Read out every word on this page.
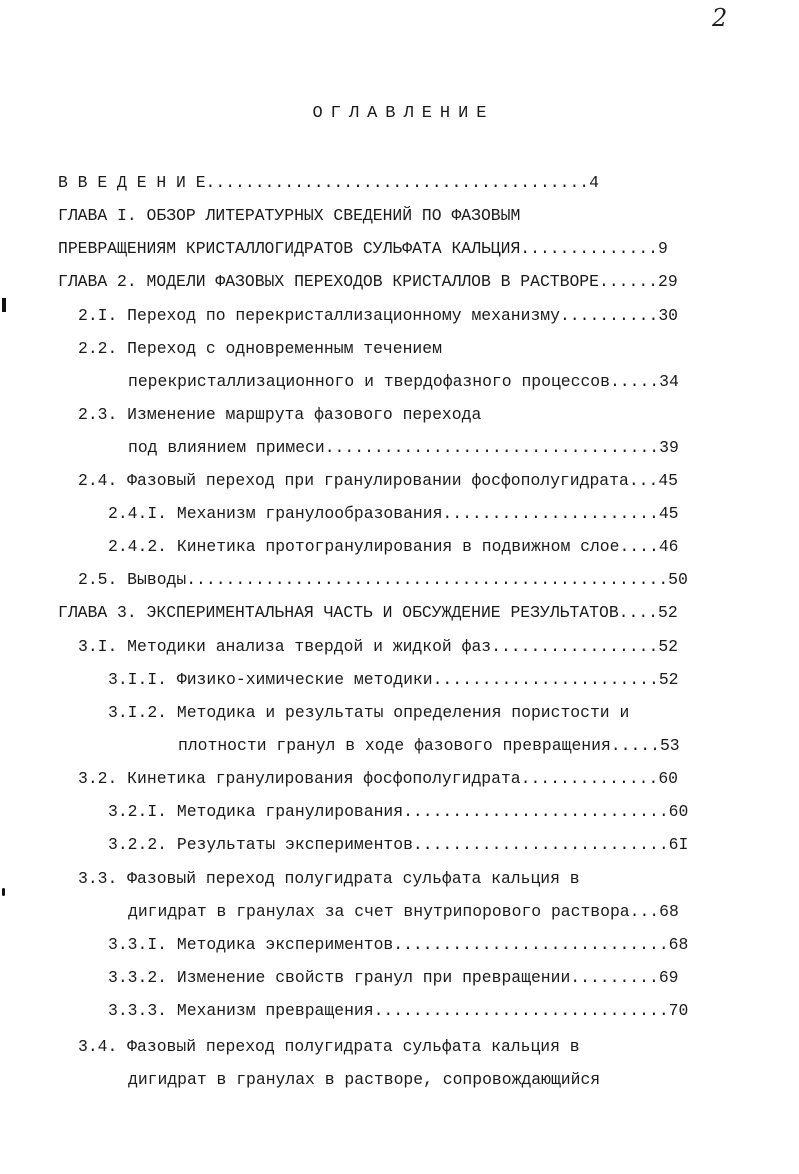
2
ОГЛАВЛЕНИЕ
В В Е Д Е Н И Е.......................................4
ГЛАВА I. ОБЗОР ЛИТЕРАТУРНЫХ СВЕДЕНИЙ ПО ФАЗОВЫМ
ПРЕВРАЩЕНИЯМ КРИСТАЛЛОГИДРАТОВ СУЛЬФАТА КАЛЬЦИЯ..............9
ГЛАВА 2. МОДЕЛИ ФАЗОВЫХ ПЕРЕХОДОВ КРИСТАЛЛОВ В РАСТВОРЕ......29
2.I. Переход по перекристаллизационному механизму..........30
2.2. Переход с одновременным течением
перекристаллизационного и твердофазного процессов.....34
2.3. Изменение маршрута фазового перехода
под влиянием примеси..................................39
2.4. Фазовый переход при гранулировании фосфополугидрата...45
2.4.I. Механизм гранулообразования......................45
2.4.2. Кинетика протогранулирования в подвижном слое....46
2.5. Выводы.................................................50
ГЛАВА 3. ЭКСПЕРИМЕНТАЛЬНАЯ ЧАСТЬ И ОБСУЖДЕНИЕ РЕЗУЛЬТАТОВ....52
3.I. Методики анализа твердой и жидкой фаз.................52
3.I.I. Физико-химические методики.......................52
3.I.2. Методика и результаты определения пористости и
плотности гранул в ходе фазового превращения.....53
3.2. Кинетика гранулирования фосфополугидрата..............60
3.2.I. Методика гранулирования...........................60
3.2.2. Результаты экспериментов..........................6I
3.3. Фазовый переход полугидрата сульфата кальция в
дигидрат в гранулах за счет внутрипорового раствора...68
3.3.I. Методика экспериментов............................68
3.3.2. Изменение свойств гранул при превращении.........69
3.3.3. Механизм превращения..............................70
3.4. Фазовый переход полугидрата сульфата кальция в
дигидрат в гранулах в растворе, сопровождающийся
